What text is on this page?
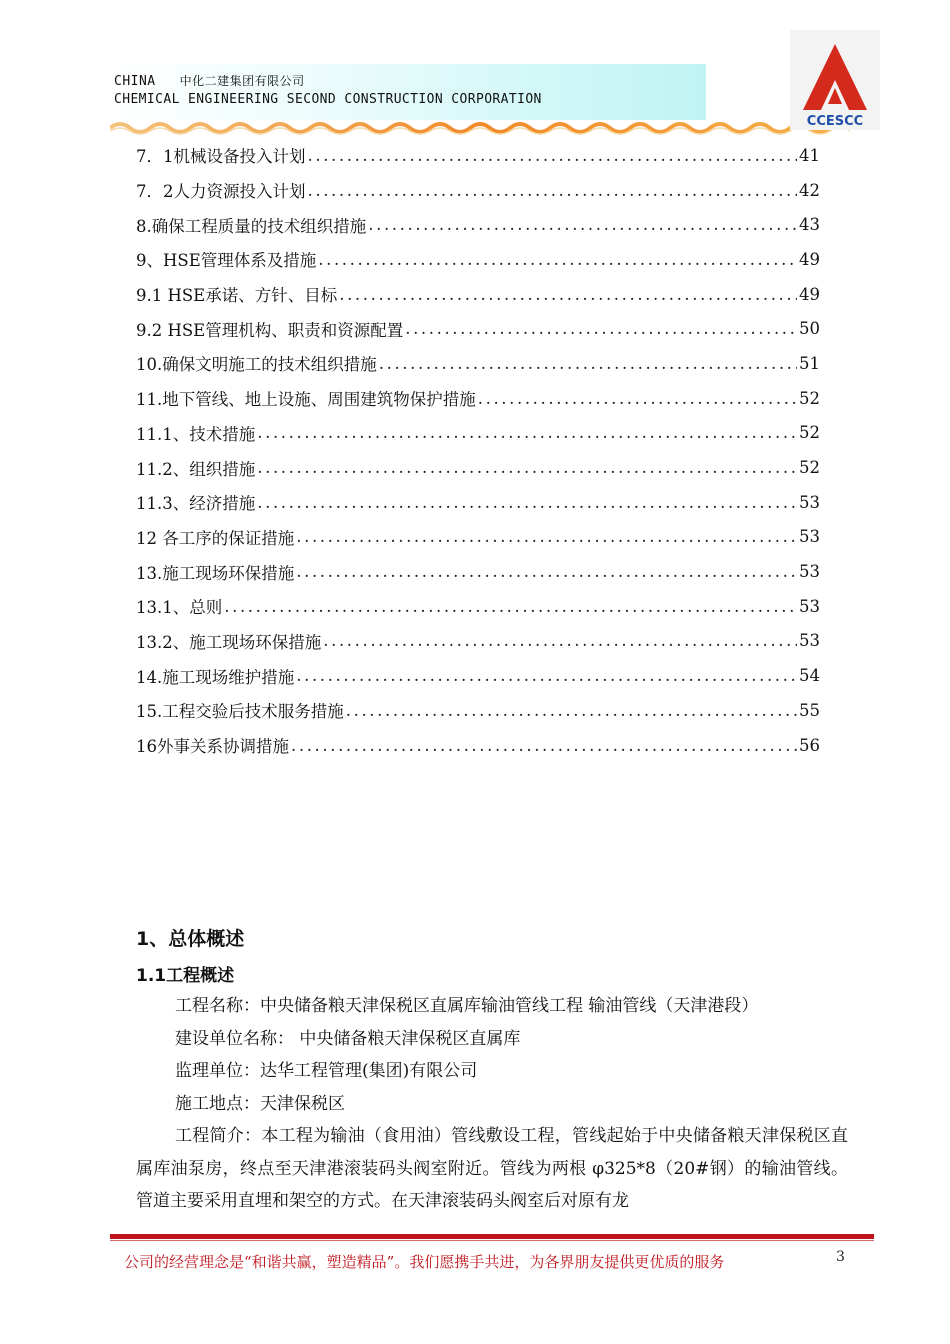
CHINA 中化二建集团有限公司
CHEMICAL ENGINEERING SECOND CONSTRUCTION CORPORATION
CCESCC
7．1机械设备投入计划 .....	41
7．2人力资源投入计划 .....	42
8.确保工程质量的技术组织措施 .....	43
9、HSE管理体系及措施 .....	49
9.1 HSE承诺、方针、目标 .....	49
9.2 HSE管理机构、职责和资源配置 .....	50
10.确保文明施工的技术组织措施 .....	51
11.地下管线、地上设施、周围建筑物保护措施 .....	52
11.1、技术措施 .....	52
11.2、组织措施 .....	52
11.3、经济措施 .....	53
12 各工序的保证措施 .....	53
13.施工现场环保措施 .....	53
13.1、总则 .....	53
13.2、施工现场环保措施 .....	53
14.施工现场维护措施 .....	54
15.工程交验后技术服务措施 .....	55
16外事关系协调措施 .....	56
1、总体概述
1.1工程概述
工程名称：中央储备粮天津保税区直属库输油管线工程 输油管线（天津港段）
建设单位名称： 中央储备粮天津保税区直属库
监理单位：达华工程管理(集团)有限公司
施工地点：天津保税区
工程简介：本工程为输油（食用油）管线敷设工程，管线起始于中央储备粮天津保税区直属库油泵房，终点至天津港滚装码头阀室附近。管线为两根 φ325*8（20#钢）的输油管线。管道主要采用直埋和架空的方式。在天津滚装码头阀室后对原有龙
公司的经营理念是“和谐共赢，塑造精品”。我们愿携手共进，为各界朋友提供更优质的服务	3
